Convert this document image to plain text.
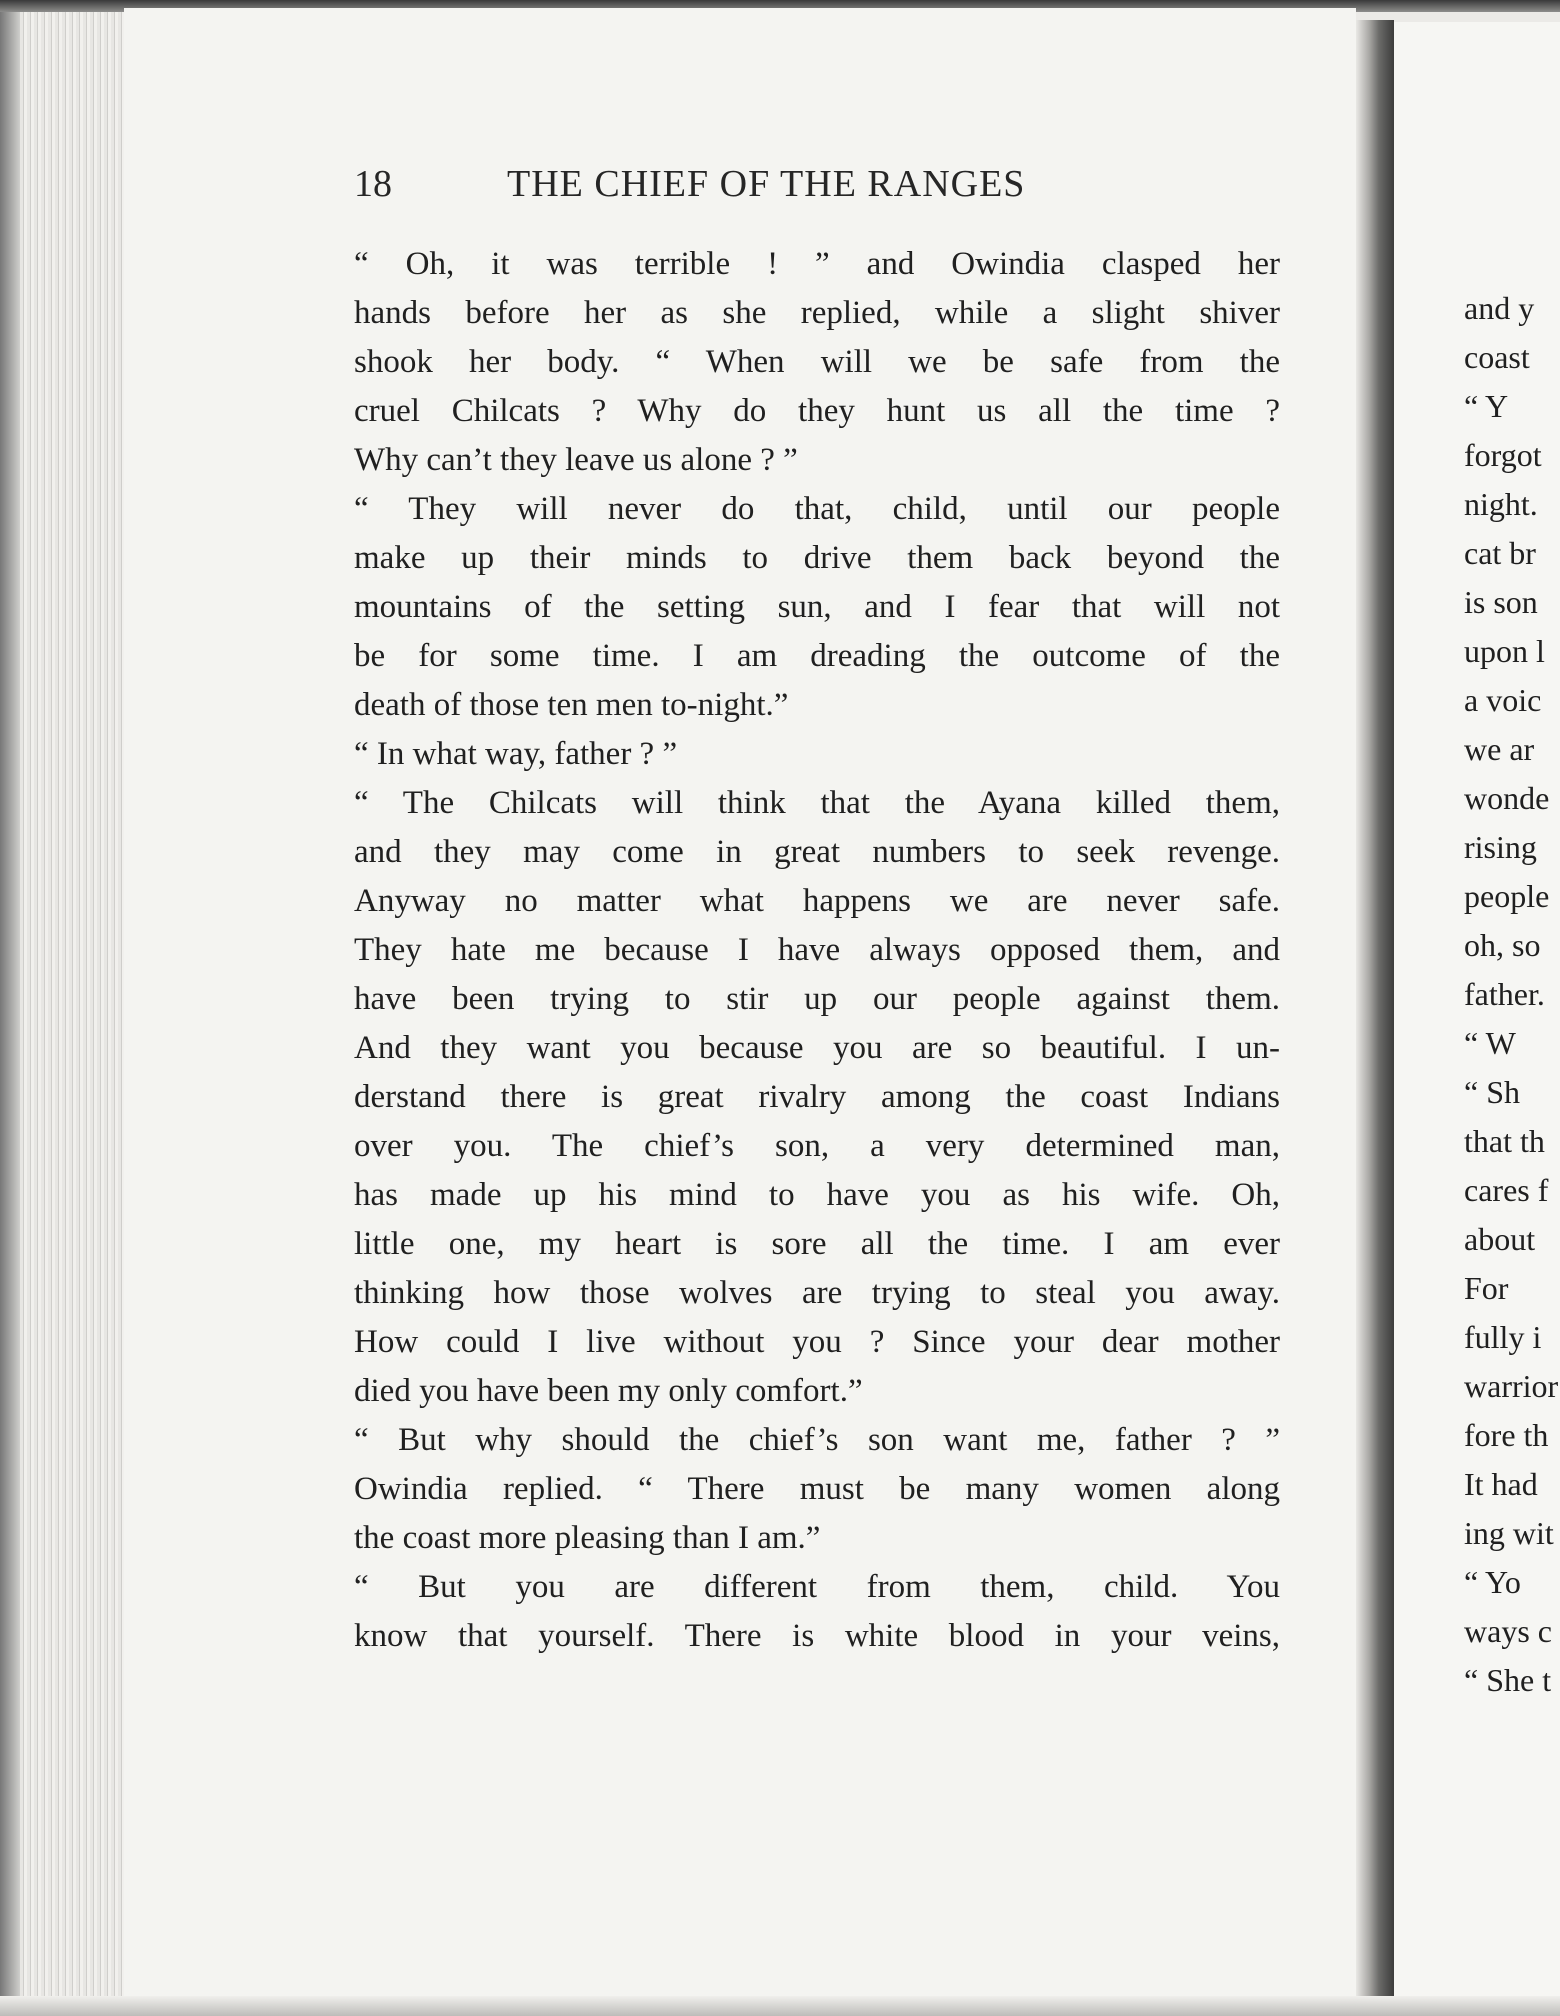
18	THE CHIEF OF THE RANGES
“ Oh, it was terrible ! ” and Owindia clasped her
hands before her as she replied, while a slight shiver
shook her body. “ When will we be safe from the
cruel Chilcats ? Why do they hunt us all the time ?
Why can’t they leave us alone ? ”
“ They will never do that, child, until our people
make up their minds to drive them back beyond the
mountains of the setting sun, and I fear that will not
be for some time. I am dreading the outcome of the
death of those ten men to-night.”
“ In what way, father ? ”
“ The Chilcats will think that the Ayana killed them,
and they may come in great numbers to seek revenge.
Anyway no matter what happens we are never safe.
They hate me because I have always opposed them, and
have been trying to stir up our people against them.
And they want you because you are so beautiful. I un-
derstand there is great rivalry among the coast Indians
over you. The chief’s son, a very determined man,
has made up his mind to have you as his wife. Oh,
little one, my heart is sore all the time. I am ever
thinking how those wolves are trying to steal you away.
How could I live without you ? Since your dear mother
died you have been my only comfort.”
“ But why should the chief’s son want me, father ? ”
Owindia replied. “ There must be many women along
the coast more pleasing than I am.”
“ But you are different from them, child. You
know that yourself. There is white blood in your veins,
and y
coast
“ Y
forgot
night.
cat br
is son
upon l
a voic
we ar
wonde
rising
people
oh, so
father.
“ W
“ Sh
that th
cares f
about
For
fully i
warrior
fore th
It had
ing wit
“ Yo
ways c
“ She t
